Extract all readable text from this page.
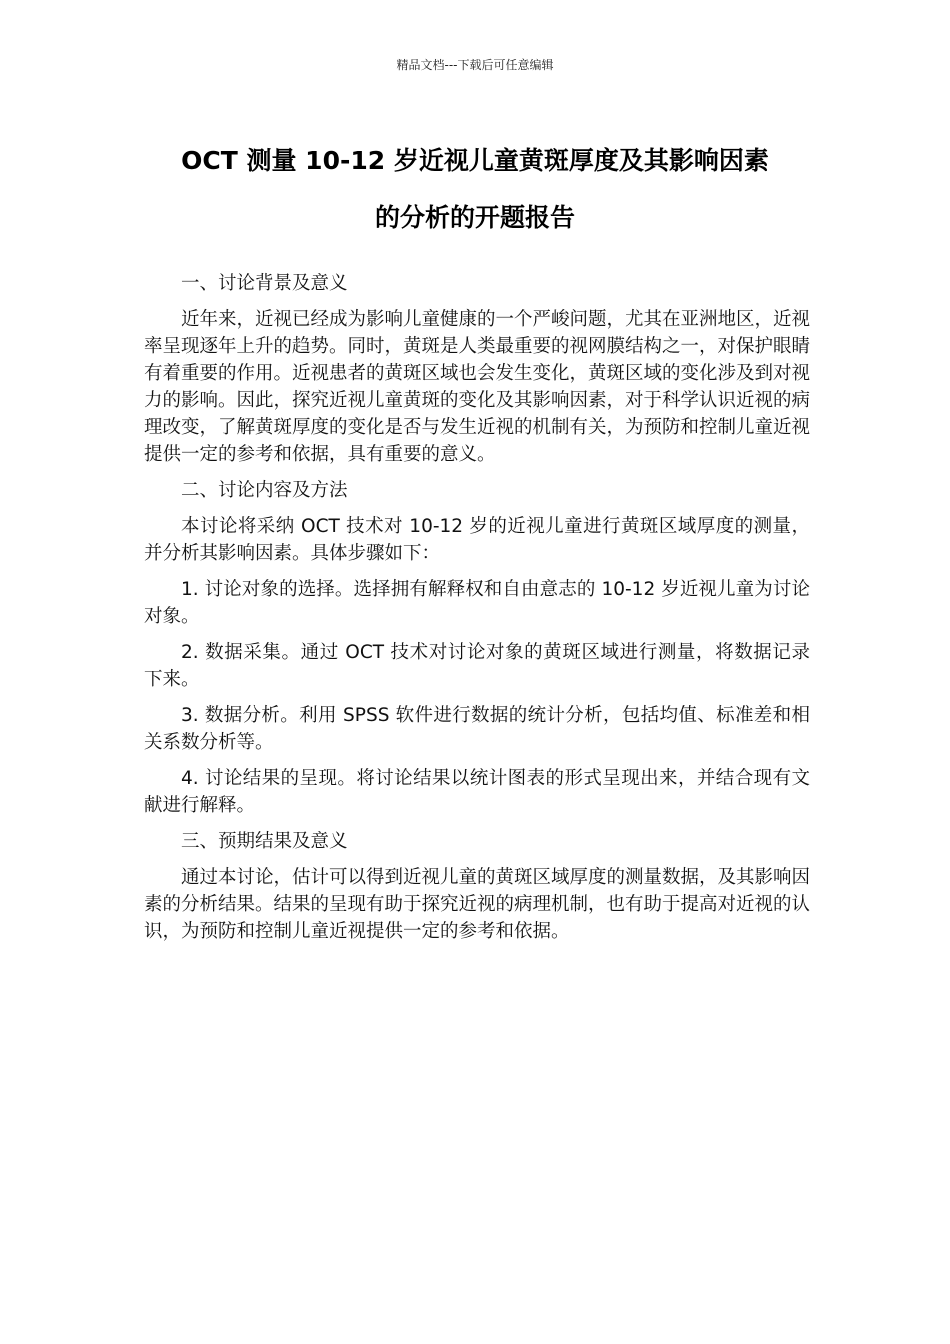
精品文档---下载后可任意编辑
OCT 测量 10-12 岁近视儿童黄斑厚度及其影响因素
的分析的开题报告

一、讨论背景及意义

近年来，近视已经成为影响儿童健康的一个严峻问题，尤其在亚洲地区，近视率呈现逐年上升的趋势。同时，黄斑是人类最重要的视网膜结构之一，对保护眼睛有着重要的作用。近视患者的黄斑区域也会发生变化，黄斑区域的变化涉及到对视力的影响。因此，探究近视儿童黄斑的变化及其影响因素，对于科学认识近视的病理改变，了解黄斑厚度的变化是否与发生近视的机制有关，为预防和控制儿童近视提供一定的参考和依据，具有重要的意义。

二、讨论内容及方法

本讨论将采纳 OCT 技术对 10-12 岁的近视儿童进行黄斑区域厚度的测量，并分析其影响因素。具体步骤如下：

1. 讨论对象的选择。选择拥有解释权和自由意志的 10-12 岁近视儿童为讨论对象。

2. 数据采集。通过 OCT 技术对讨论对象的黄斑区域进行测量，将数据记录下来。

3. 数据分析。利用 SPSS 软件进行数据的统计分析，包括均值、标准差和相关系数分析等。

4. 讨论结果的呈现。将讨论结果以统计图表的形式呈现出来，并结合现有文献进行解释。

三、预期结果及意义

通过本讨论，估计可以得到近视儿童的黄斑区域厚度的测量数据，及其影响因素的分析结果。结果的呈现有助于探究近视的病理机制，也有助于提高对近视的认识，为预防和控制儿童近视提供一定的参考和依据。
